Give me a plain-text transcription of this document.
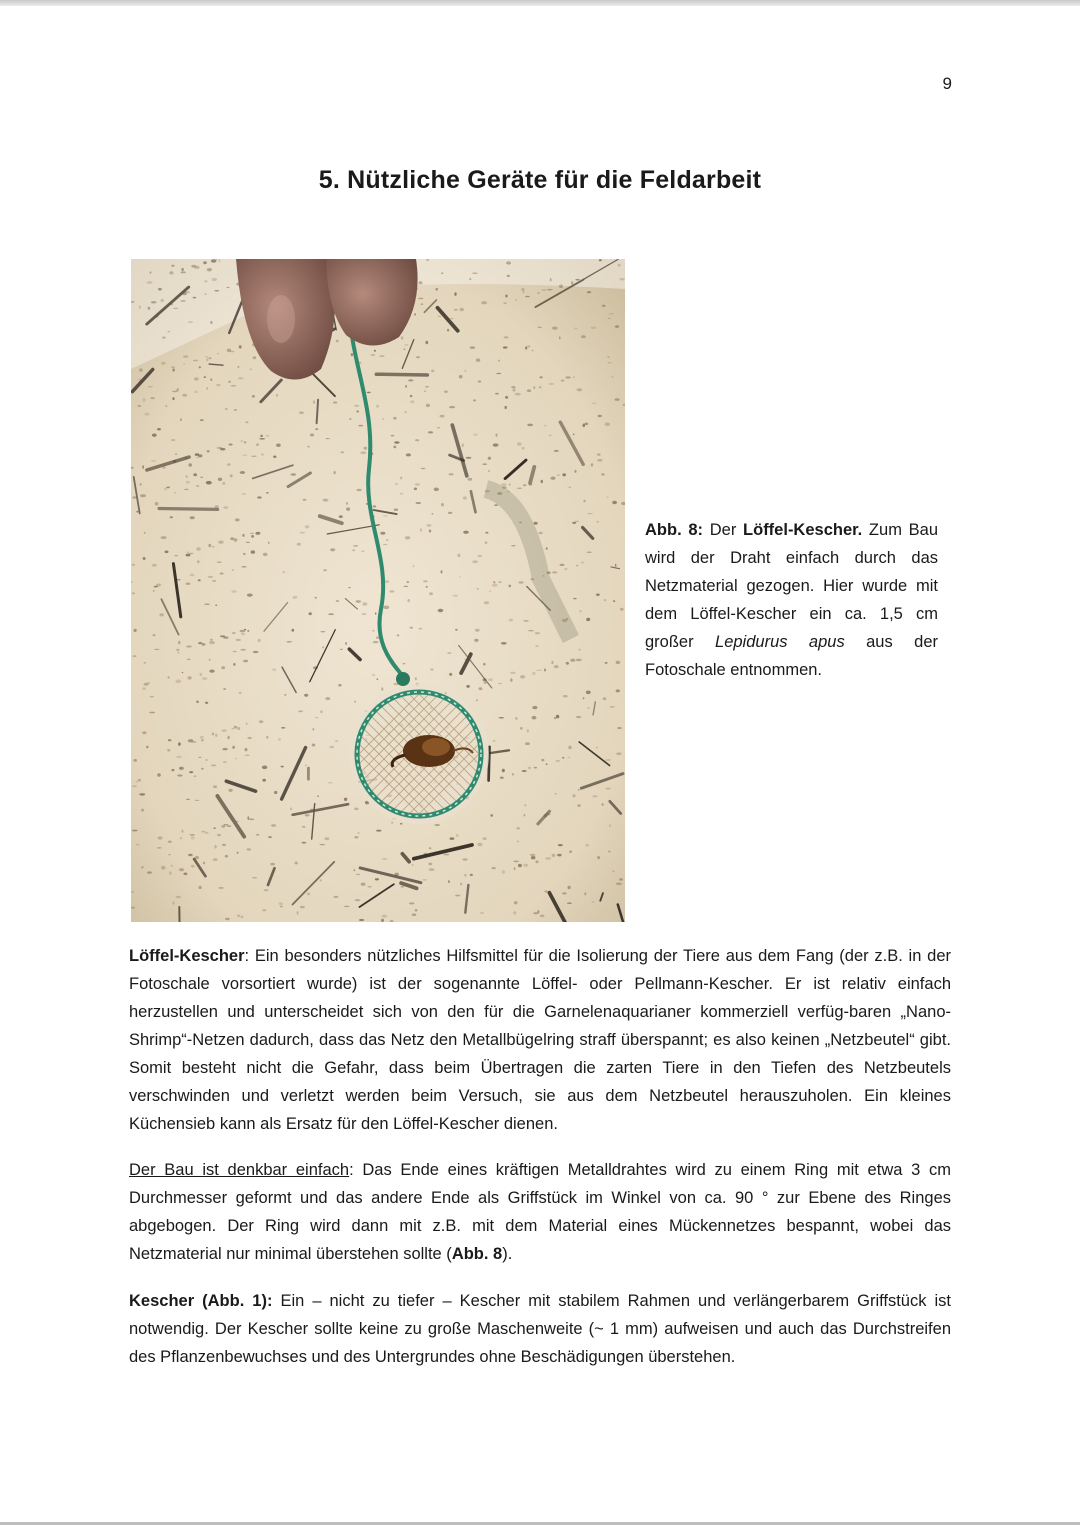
9
5. Nützliche Geräte für die Feldarbeit
Abb. 8: Der Löffel-Kescher. Zum Bau wird der Draht einfach durch das Netzmaterial gezogen. Hier wurde mit dem Löffel-Kescher ein ca. 1,5 cm großer Lepidurus apus aus der Fotoschale entnommen.
Löffel-Kescher: Ein besonders nützliches Hilfsmittel für die Isolierung der Tiere aus dem Fang (der z.B. in der Fotoschale vorsortiert wurde) ist der sogenannte Löffel- oder Pellmann-Kescher. Er ist relativ einfach herzustellen und unterscheidet sich von den für die Garnelenaquarianer kommerziell verfüg-baren „Nano-Shrimp“-Netzen dadurch, dass das Netz den Metallbügelring straff überspannt; es also keinen „Netzbeutel“ gibt. Somit besteht nicht die Gefahr, dass beim Übertragen die zarten Tiere in den Tiefen des Netzbeutels verschwinden und verletzt werden beim Versuch, sie aus dem Netzbeutel herauszuholen. Ein kleines Küchensieb kann als Ersatz für den Löffel-Kescher dienen.
Der Bau ist denkbar einfach: Das Ende eines kräftigen Metalldrahtes wird zu einem Ring mit etwa 3 cm Durchmesser geformt und das andere Ende als Griffstück im Winkel von ca. 90 ° zur Ebene des Ringes abgebogen. Der Ring wird dann mit z.B. mit dem Material eines Mückennetzes bespannt, wobei das Netzmaterial nur minimal überstehen sollte (Abb. 8).
Kescher (Abb. 1): Ein – nicht zu tiefer – Kescher mit stabilem Rahmen und verlängerbarem Griffstück ist notwendig. Der Kescher sollte keine zu große Maschenweite (~ 1 mm) aufweisen und auch das Durchstreifen des Pflanzenbewuchses und des Untergrundes ohne Beschädigungen überstehen.
